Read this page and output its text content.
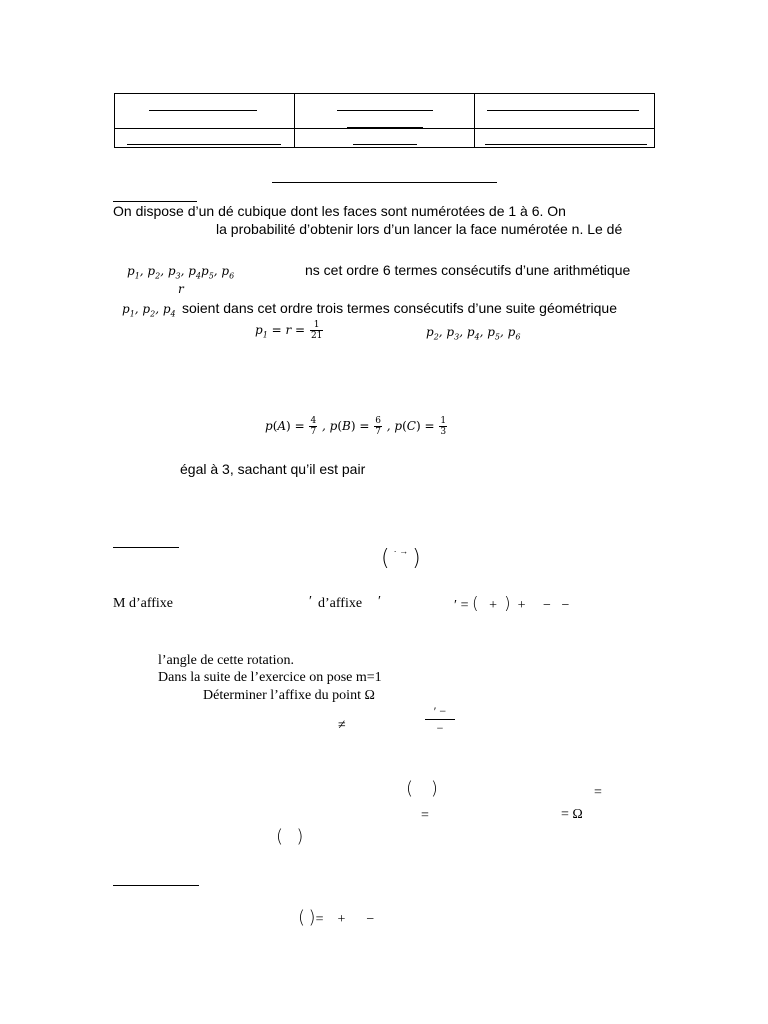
On dispose d’un dé cubique dont les faces sont numérotées de 1 à 6. On
la probabilité d’obtenir lors d’un lancer la face numérotée n. Le dé
$p_1$, $p_2$, $p_3$, $p_4p_5$, $p_6$
r
ns cet ordre 6 termes consécutifs d’une arithmétique
$p_1$, $p_2$, $p_4$ soient dans cet ordre trois termes consécutifs d’une suite géométrique
$p_1 = r = \frac{1}{21}$	$p_2$, $p_3$, $p_4$, $p_5$, $p_6$
$p(A) = \frac{4}{7}$ , $p(B) = \frac{6}{7}$ , $p(C) = \frac{1}{3}$
égal à 3, sachant qu’il est pair
( · → )
M d’affixe	′ d’affixe ′	′ = (   +  )  +     −   −
l’angle de cette rotation.
Dans la suite de l’exercice on pose m=1
Déterminer l’affixe du point Ω
≠
′ −
−
( )	=
=	= Ω
( )
( )= + −
